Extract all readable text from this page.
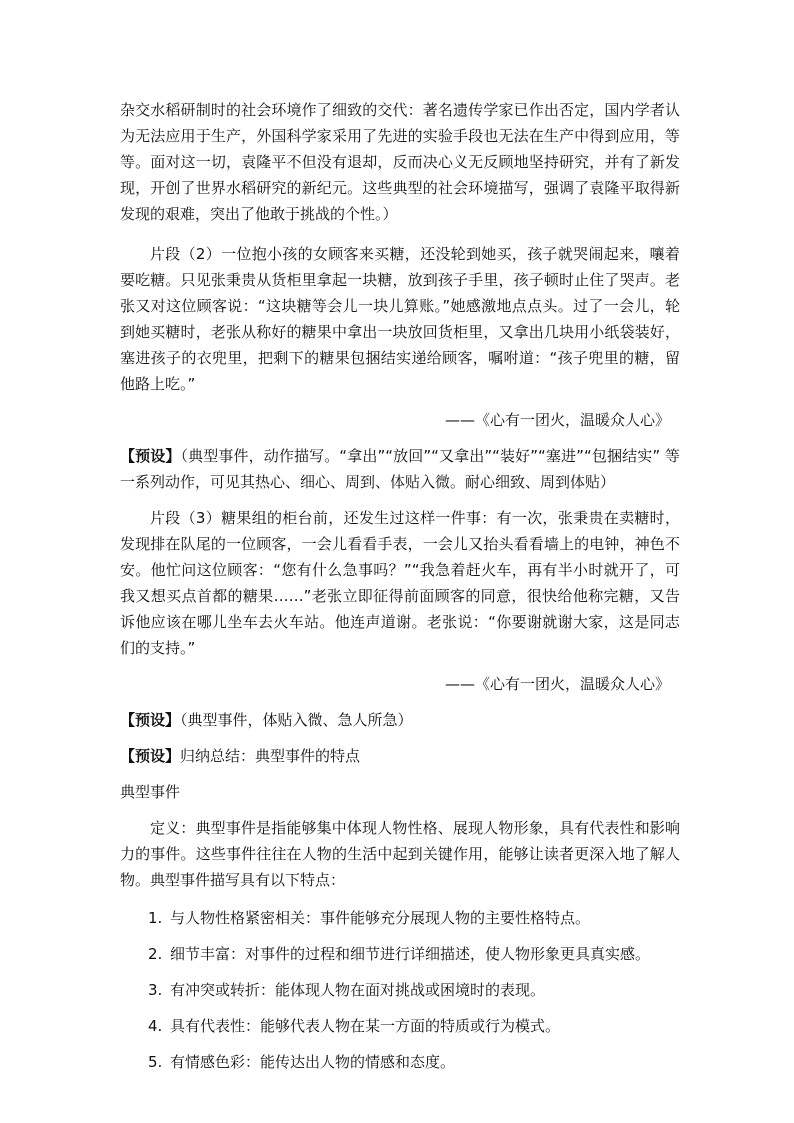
杂交水稻研制时的社会环境作了细致的交代：著名遗传学家已作出否定，国内学者认为无法应用于生产，外国科学家采用了先进的实验手段也无法在生产中得到应用，等等。面对这一切，袁隆平不但没有退却，反而决心义无反顾地坚持研究，并有了新发现，开创了世界水稻研究的新纪元。这些典型的社会环境描写，强调了袁隆平取得新发现的艰难，突出了他敢于挑战的个性。）

片段（2）一位抱小孩的女顾客来买糖，还没轮到她买，孩子就哭闹起来，嚷着要吃糖。只见张秉贵从货柜里拿起一块糖，放到孩子手里，孩子顿时止住了哭声。老张又对这位顾客说：“这块糖等会儿一块儿算账。”她感激地点点头。过了一会儿，轮到她买糖时，老张从称好的糖果中拿出一块放回货柜里，又拿出几块用小纸袋装好，塞进孩子的衣兜里，把剩下的糖果包捆结实递给顾客，嘱咐道：“孩子兜里的糖，留他路上吃。”

——《心有一团火，温暖众人心》

【预设】（典型事件，动作描写。“拿出”“放回”“又拿出”“装好”“塞进”“包捆结实” 等一系列动作，可见其热心、细心、周到、体贴入微。耐心细致、周到体贴）

片段（3）糖果组的柜台前，还发生过这样一件事：有一次，张秉贵在卖糖时，发现排在队尾的一位顾客，一会儿看看手表，一会儿又抬头看看墙上的电钟，神色不安。他忙问这位顾客：“您有什么急事吗？”“我急着赶火车，再有半小时就开了，可我又想买点首都的糖果……”老张立即征得前面顾客的同意，很快给他称完糖，又告诉他应该在哪儿坐车去火车站。他连声道谢。老张说：“你要谢就谢大家，这是同志们的支持。”

——《心有一团火，温暖众人心》

【预设】（典型事件，体贴入微、急人所急）

【预设】归纳总结：典型事件的特点

典型事件

定义：典型事件是指能够集中体现人物性格、展现人物形象，具有代表性和影响力的事件。这些事件往往在人物的生活中起到关键作用，能够让读者更深入地了解人物。典型事件描写具有以下特点：

1. 与人物性格紧密相关：事件能够充分展现人物的主要性格特点。
2. 细节丰富：对事件的过程和细节进行详细描述，使人物形象更具真实感。
3. 有冲突或转折：能体现人物在面对挑战或困境时的表现。
4. 具有代表性：能够代表人物在某一方面的特质或行为模式。
5. 有情感色彩：能传达出人物的情感和态度。
